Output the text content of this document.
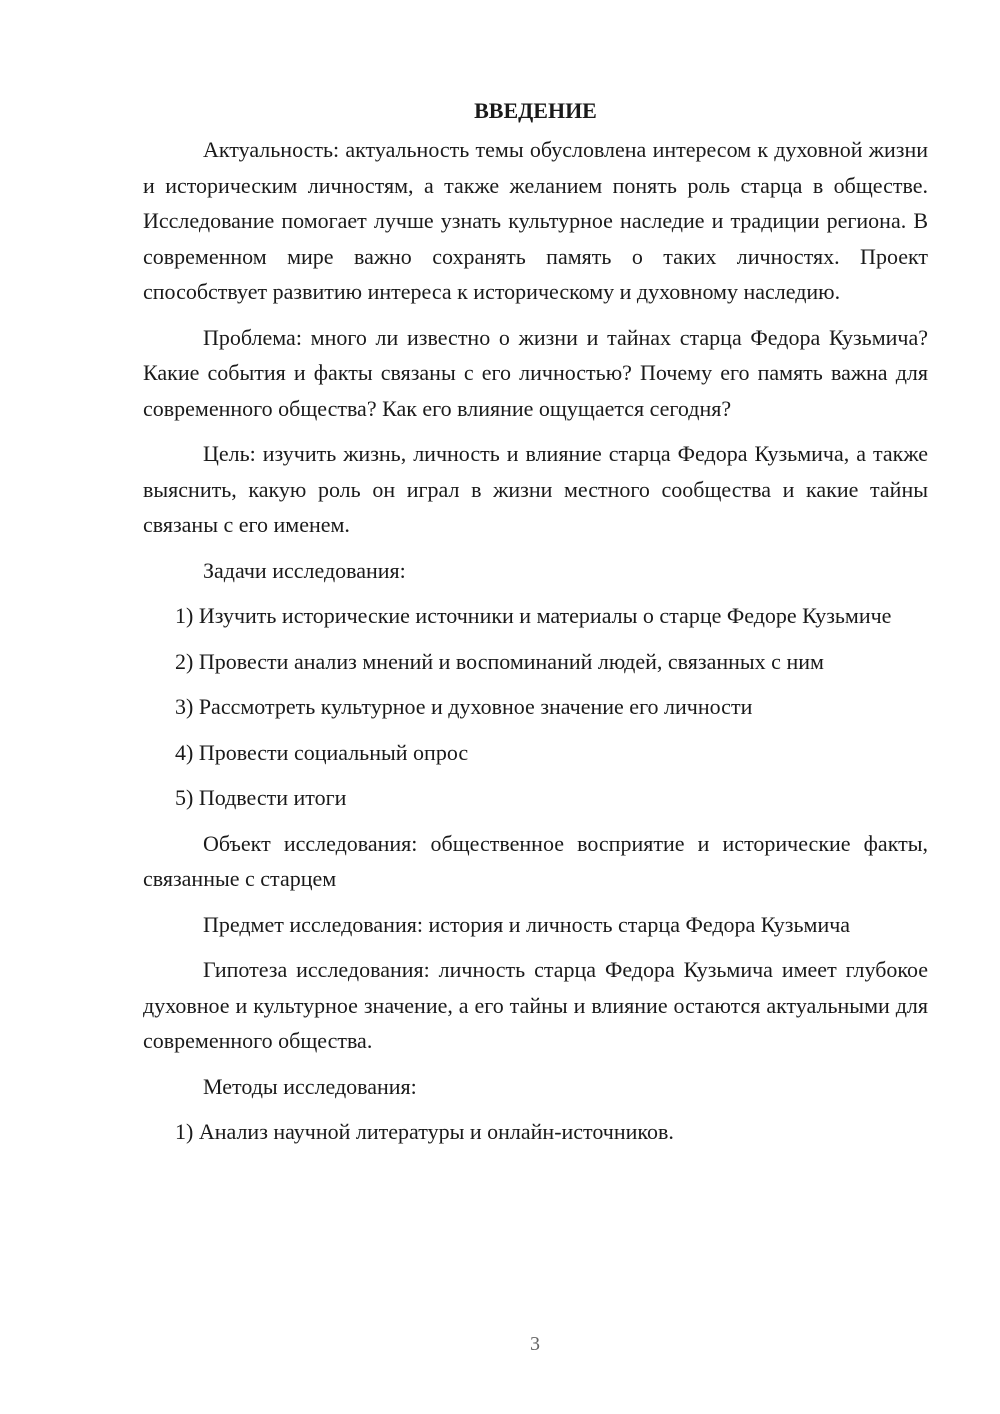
ВВЕДЕНИЕ

Актуальность: актуальность темы обусловлена интересом к духовной жизни и историческим личностям, а также желанием понять роль старца в обществе. Исследование помогает лучше узнать культурное наследие и традиции региона. В современном мире важно сохранять память о таких личностях. Проект способствует развитию интереса к историческому и духовному наследию.

Проблема: много ли известно о жизни и тайнах старца Федора Кузьмича? Какие события и факты связаны с его личностью? Почему его память важна для современного общества? Как его влияние ощущается сегодня?

Цель: изучить жизнь, личность и влияние старца Федора Кузьмича, а также выяснить, какую роль он играл в жизни местного сообщества и какие тайны связаны с его именем.

Задачи исследования:

1) Изучить исторические источники и материалы о старце Федоре Кузьмиче

2) Провести анализ мнений и воспоминаний людей, связанных с ним

3) Рассмотреть культурное и духовное значение его личности

4) Провести социальный опрос

5) Подвести итоги

Объект исследования: общественное восприятие и исторические факты, связанные с старцем

Предмет исследования: история и личность старца Федора Кузьмича

Гипотеза исследования: личность старца Федора Кузьмича имеет глубокое духовное и культурное значение, а его тайны и влияние остаются актуальными для современного общества.

Методы исследования:

1) Анализ научной литературы и онлайн-источников.

3
